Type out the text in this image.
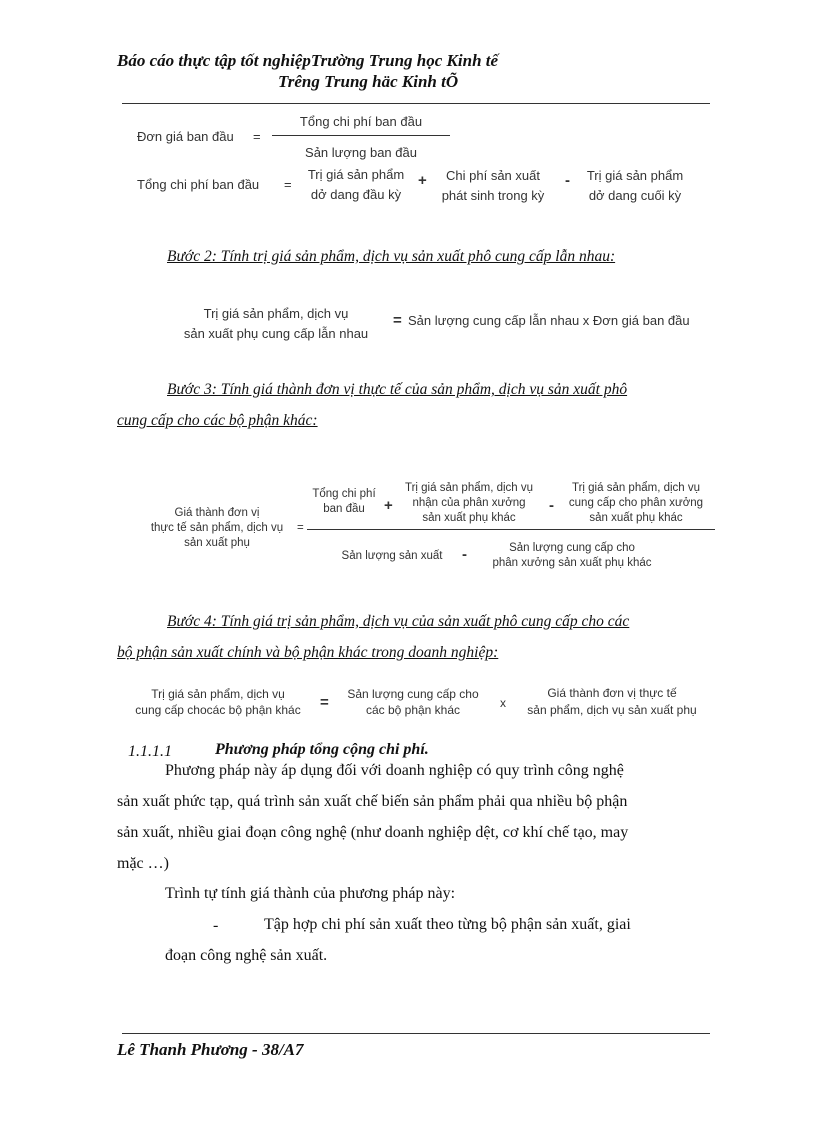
Báo cáo thực tập tốt nghiệpTrường Trung học Kinh tế
Trêng Trung häc Kinh tÕ
Đơn giá ban đầu =
Tổng chi phí ban đầu
Sản lượng ban đầu
Tổng chi phí ban đầu =
Trị giá sản phẩm
dở dang đầu kỳ
+	Chi phí sản xuất
phát sinh trong kỳ
-	Trị giá sản phẩm
dở dang cuối kỳ
Bước 2: Tính trị giá sản phẩm, dịch vụ sản xuất phô cung cấp lẫn nhau:
Trị giá sản phẩm, dịch vụ
sản xuất phụ cung cấp lẫn nhau
= Sản lượng cung cấp lẫn nhau x Đơn giá ban đầu
Bước 3: Tính giá thành đơn vị thực tế của sản phẩm, dịch vụ sản xuất phô
cung cấp cho các bộ phận khác:
Giá thành đơn vị
thực tế sản phẩm, dịch vụ
sản xuất phụ
=
Tổng chi phí
ban đầu	+
Trị giá sản phẩm, dịch vụ
nhận của phân xưởng
sản xuất phụ khác
-
Trị giá sản phẩm, dịch vụ
cung cấp cho phân xưởng
sản xuất phụ khác
Sản lượng sản xuất	-	Sản lượng cung cấp cho
phân xưởng sản xuất phụ khác
Bước 4: Tính giá trị sản phẩm, dịch vụ của sản xuất phô cung cấp cho các
bộ phận sản xuất chính và bộ phận khác trong doanh nghiệp:
Trị giá sản phẩm, dịch vụ
cung cấp chocác bộ phận khác	=	Sản lượng cung cấp cho
các bộ phận khác	x
Giá thành đơn vị thực tế
sản phẩm, dịch vụ sản xuất phụ
1.1.1.1	Phương pháp tổng cộng chi phí.
Phương pháp này áp dụng đối với doanh nghiệp có quy trình công nghệ
sản xuất phức tạp, quá trình sản xuất chế biến sản phẩm phải qua nhiều bộ phận
sản xuất, nhiều giai đoạn công nghệ (như doanh nghiệp dệt, cơ khí chế tạo, may
mặc …)
Trình tự tính giá thành của phương pháp này:
-	Tập hợp chi phí sản xuất theo từng bộ phận sản xuất, giai
đoạn công nghệ sản xuất.
Lê Thanh Phương - 38/A7
